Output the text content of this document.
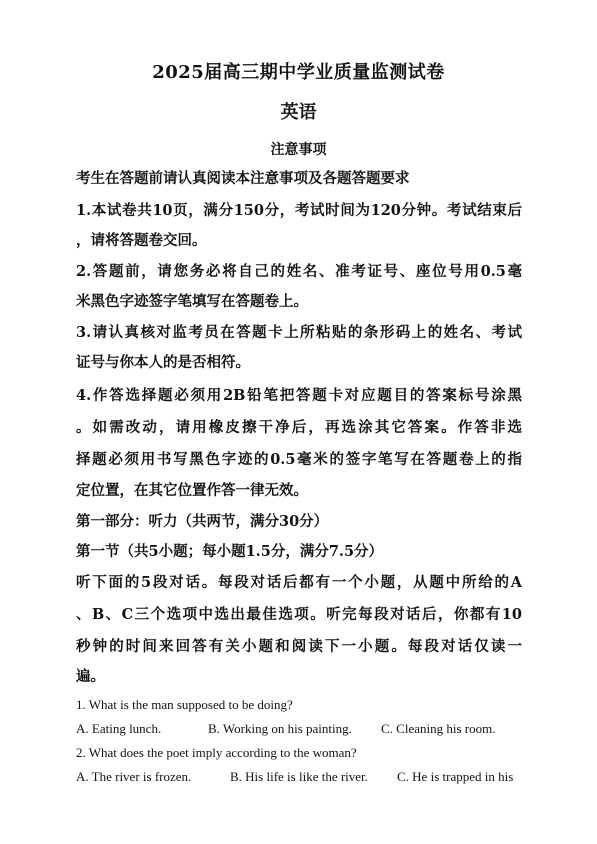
2025届高三期中学业质量监测试卷
英语
注意事项
考生在答题前请认真阅读本注意事项及各题答题要求
1.本试卷共10页，满分150分，考试时间为120分钟。考试结束后
，请将答题卷交回。
2.答题前，请您务必将自己的姓名、准考证号、座位号用0.5毫
米黑色字迹签字笔填写在答题卷上。
3.请认真核对监考员在答题卡上所粘贴的条形码上的姓名、考试
证号与你本人的是否相符。
4.作答选择题必须用2B铅笔把答题卡对应题目的答案标号涂黑
。如需改动，请用橡皮擦干净后，再选涂其它答案。作答非选
择题必须用书写黑色字迹的0.5毫米的签字笔写在答题卷上的指
定位置，在其它位置作答一律无效。
第一部分：听力（共两节，满分30分）
第一节（共5小题；每小题1.5分，满分7.5分）
听下面的5段对话。每段对话后都有一个小题，从题中所给的A
、B、C三个选项中选出最佳选项。听完每段对话后，你都有10
秒钟的时间来回答有关小题和阅读下一小题。每段对话仅读一
遍。
1. What is the man supposed to be doing?
A. Eating lunch.	B. Working on his painting. C. Cleaning his room.
2. What does the poet imply according to the woman?
A. The river is frozen.	B. His life is like the river. C. He is trapped in his
